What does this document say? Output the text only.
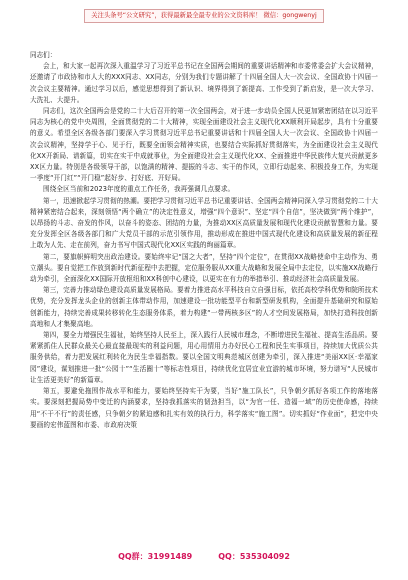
关注头条号“公文研究”，获得最新最全最专业的公文资料库！ 微信：gongwenyj

同志们：

会上，和大家一起再次深入重温学习了习近平总书记在全国两会期间的重要讲话精神和市委常委会扩大会议精神，还邀请了市政协和市人大的XXX同志、XX同志，分别为我们专题讲解了十四届全国人大一次会议、全国政协十四届一次会议主要精神。通过学习以后，感觉思想得到了新认识、境界得到了新提高、工作受到了新启发，是一次大学习、大洗礼、大提升。

同志们，这次全国两会是党的二十大后召开的第一次全国两会，对于进一步动员全国人民更加紧密团结在以习近平同志为核心的党中央周围，全面贯彻党的二十大精神，实现全面建设社会主义现代化XX顺利开局起步，具有十分重要的意义。希望全区各级各部门要深入学习贯彻习近平总书记重要讲话和十四届全国人大一次会议、全国政协十四届一次会议精神，坚持学于心、见于行，既要全面领会精神实质，也要结合实际抓好贯彻落实，为全面建设社会主义现代化XX开新局、谱新篇，切实在实干中成就事业，为全面建设社会主义现代化XX、全面推进中华民族伟大复兴贡献更多XX区力量。特别是各级领导干部，以饱满的精神、提振的斗志、实干的作风，立即行动起来、积极投身工作，为实现一季度“开门红”“开门稳”起好步、打好底、开好局。

围绕全区当前和2023年度的重点工作任务，我再强调几点要求。

第一，迅速掀起学习贯彻的热潮。要把学习贯彻习近平总书记重要讲话、全国两会精神同深入学习贯彻党的二十大精神紧密结合起来，深刻领悟“两个确立”的决定性意义，增强“四个意识”、坚定“四个自信”，坚决做到“两个维护”，以昂扬的斗志、奋发的作风，以奋斗的姿态、团结的力量，为推动XX区高质量发展和现代化建设贡献智慧和力量。要充分发挥全区各级各部门和广大党员干部的示范引领作用，推动形成在推进中国式现代化建设和高质量发展的新征程上敢为人先、走在前列，奋力书写中国式现代化XX区实践的绚丽篇章。

第二，要旗帜鲜明突出政治建设。要始终牢记“国之大者”，坚持“四个定位”，在贯彻XX战略使命中主动作为、勇立潮头。要自觉把工作放到新时代新征程中去把握，定位服务服从XX重大战略和发展全局中去定位，以实施XX战略行动为牵引，全面深化XX国际开放枢纽和XX科创中心建设，以更实在有力的举措举引、推动经济社会高质量发展。

第三，完善力推动绿色建设高质量发展格局。要着力推进高水平科技自立自强目标，依托高校学科优势和院所技术优势，充分发挥龙头企业的创新主体带动作用，加速建设一批功能型平台和新型研发机构，全面提升基础研究和原始创新能力，持续完善成果转移转化生态服务体系，着力构建“一带两核多区”的人才空间发展格局，加快打造科技创新高地和人才集聚高地。

第四，要全力增强民生福祉，始终坚持人民至上，深入践行人民城市理念，不断增进民生福祉、提高生活品质。要紧紧抓住人民群众最关心最直接最现实的利益问题，用心用情用力办好民心工程和民生实事项目，持续加大优质公共服务供给，着力把发展红利转化为民生幸福指数。要以全国文明典范城区创建为牵引，深入推进“美丽XX区·幸福家园”建设，谋划推进一批“公园十”“生活圈十”等标志性项目，持续优化宜居宜业宜游的城市环境，努力谱写“人民城市让生活更美好”的新篇章。

第五，要避免拖围作战水平和能力，要始终坚持实干为要，当好“施工队长”，只争朝夕抓好各项工作的落地落实。要深刻把握局势中变迁的内涵要求，坚持我抓落实的韧劲担当，以“为官一任、造福一域”的历史使命感，持续用“不干不行”的责任感，只争朝夕的紧迫感和扎实有效的执行力，科学落实“施工图”。切实抓好“作业面”，把完中央要画的宏伟蓝图和市委、市政府决策

QQ群：31991489	QQ：535304092
